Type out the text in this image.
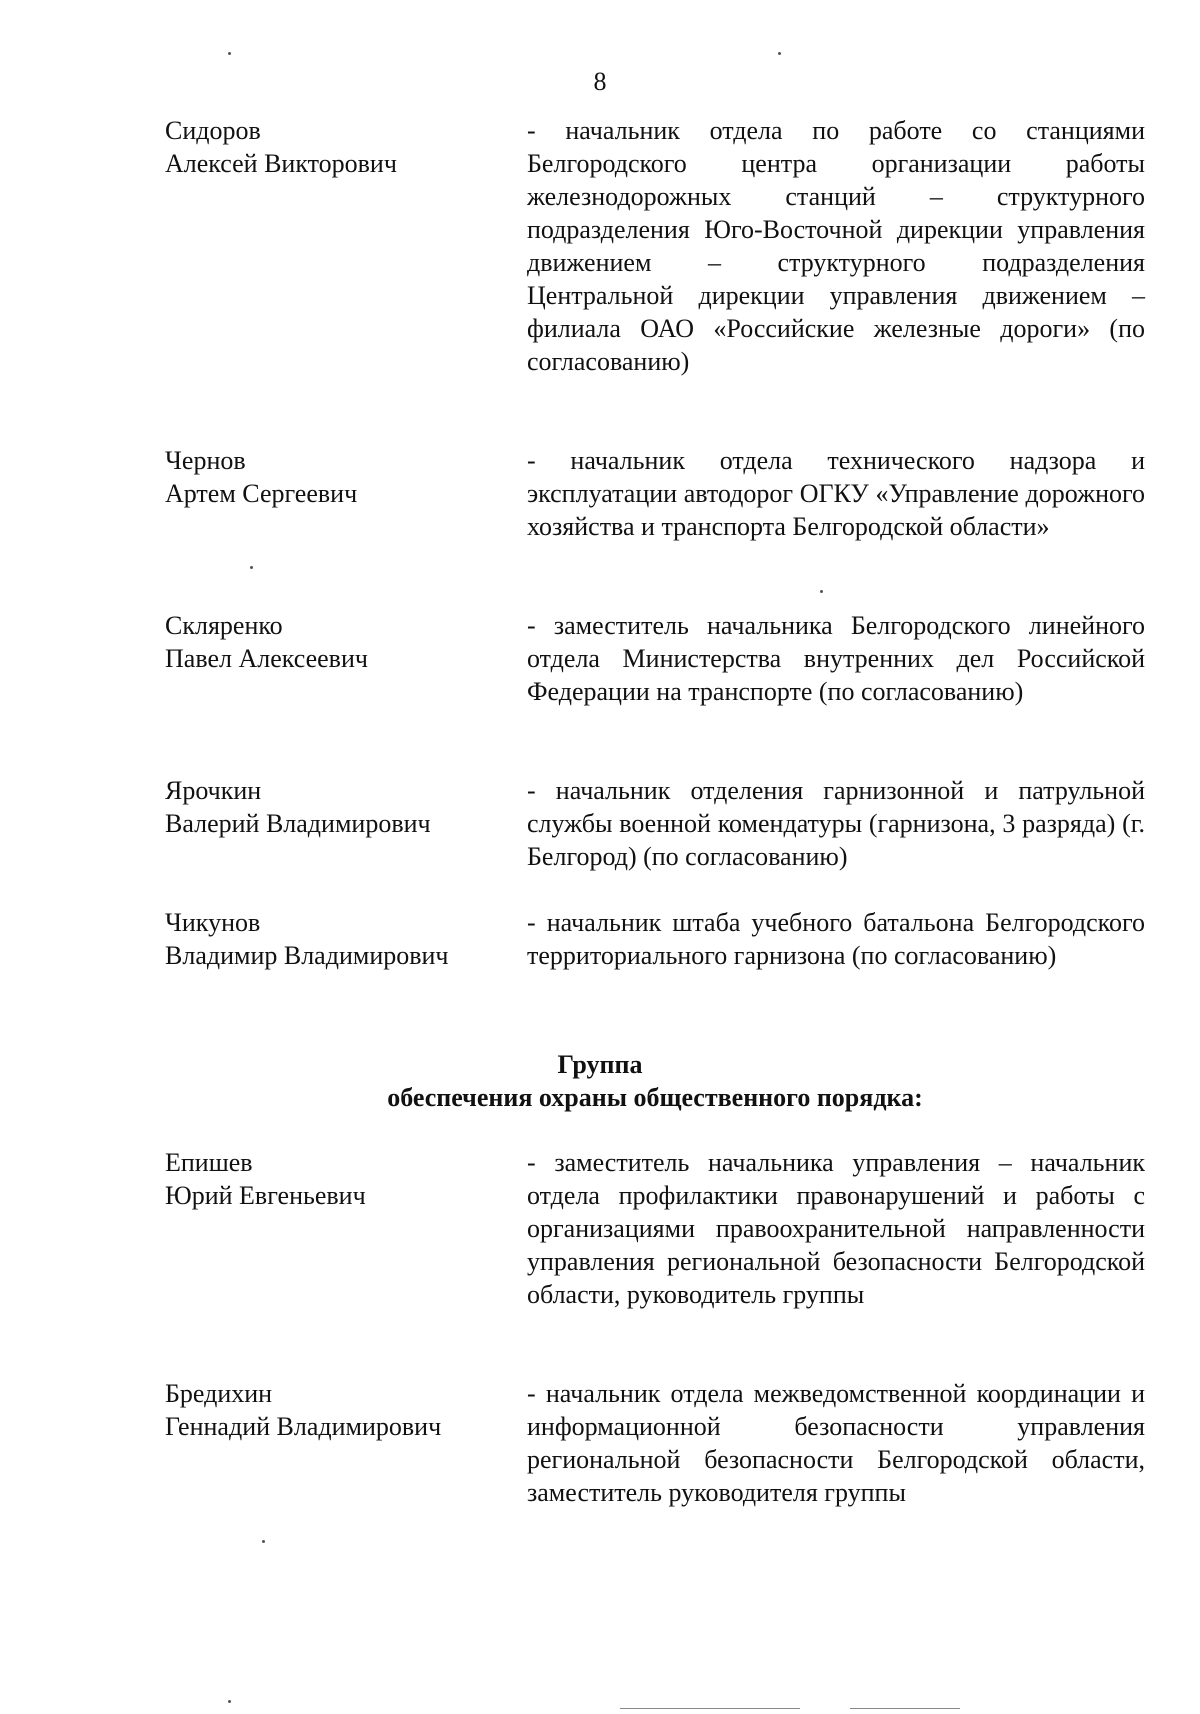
8
Сидоров
Алексей Викторович
- начальник отдела по работе со станциями Белгородского центра организации работы железнодорожных станций – структурного подразделения Юго-Восточной дирекции управления движением – структурного подразделения Центральной дирекции управления движением – филиала ОАО «Российские железные дороги» (по согласованию)
Чернов
Артем Сергеевич
- начальник отдела технического надзора и эксплуатации автодорог ОГКУ «Управление дорожного хозяйства и транспорта Белгородской области»
Скляренко
Павел Алексеевич
- заместитель начальника Белгородского линейного отдела Министерства внутренних дел Российской Федерации на транспорте (по согласованию)
Ярочкин
Валерий Владимирович
- начальник отделения гарнизонной и патрульной службы военной комендатуры (гарнизона, 3 разряда) (г. Белгород) (по согласованию)
Чикунов
Владимир Владимирович
- начальник штаба учебного батальона Белгородского территориального гарнизона (по согласованию)
Группа
обеспечения охраны общественного порядка:
Епишев
Юрий Евгеньевич
- заместитель начальника управления – начальник отдела профилактики правонарушений и работы с организациями правоохранительной направленности управления региональной безопасности Белгородской области, руководитель группы
Бредихин
Геннадий Владимирович
- начальник отдела межведомственной координации и информационной безопасности управления региональной безопасности Белгородской области, заместитель руководителя группы
